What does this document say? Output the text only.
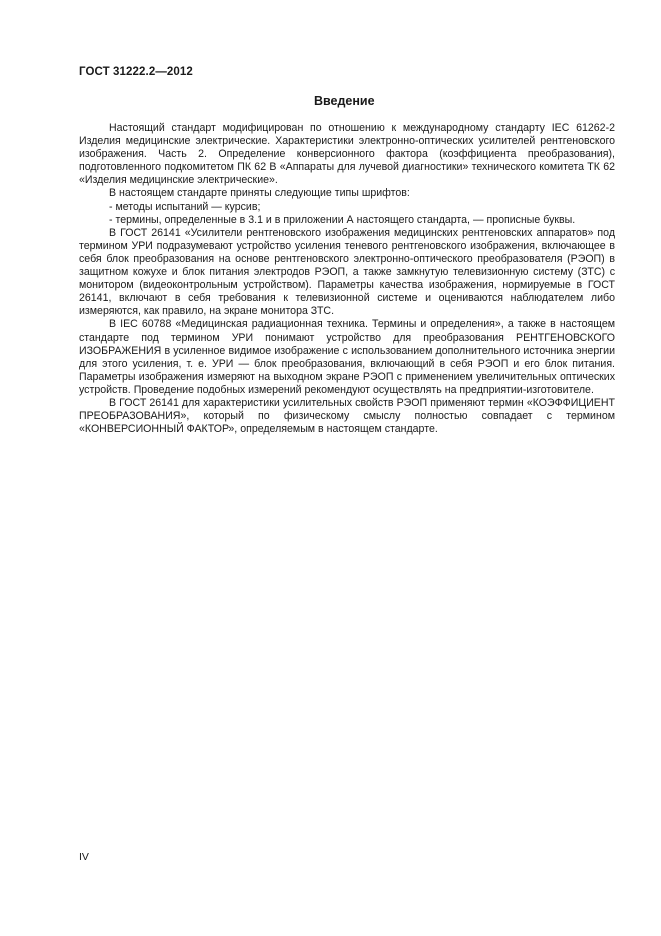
ГОСТ 31222.2—2012
Введение

Настоящий стандарт модифицирован по отношению к международному стандарту IEC 61262-2 Изделия медицинские электрические. Характеристики электронно-оптических усилителей рентгеновского изображения. Часть 2. Определение конверсионного фактора (коэффициента преобразования), подготовленного подкомитетом ПК 62 В «Аппараты для лучевой диагностики» технического комитета ТК 62 «Изделия медицинские электрические».

В настоящем стандарте приняты следующие типы шрифтов:

- методы испытаний — курсив;

- термины, определенные в 3.1 и в приложении А настоящего стандарта, — прописные буквы.

В ГОСТ 26141 «Усилители рентгеновского изображения медицинских рентгеновских аппаратов» под термином УРИ подразумевают устройство усиления теневого рентгеновского изображения, включающее в себя блок преобразования на основе рентгеновского электронно-оптического преобразователя (РЭОП) в защитном кожухе и блок питания электродов РЭОП, а также замкнутую телевизионную систему (ЗТС) с монитором (видеоконтрольным устройством). Параметры качества изображения, нормируемые в ГОСТ 26141, включают в себя требования к телевизионной системе и оцениваются наблюдателем либо измеряются, как правило, на экране монитора ЗТС.

В IEC 60788 «Медицинская радиационная техника. Термины и определения», а также в настоящем стандарте под термином УРИ понимают устройство для преобразования РЕНТГЕНОВСКОГО ИЗОБРАЖЕНИЯ в усиленное видимое изображение с использованием дополнительного источника энергии для этого усиления, т. е. УРИ — блок преобразования, включающий в себя РЭОП и его блок питания. Параметры изображения измеряют на выходном экране РЭОП с применением увеличительных оптических устройств. Проведение подобных измерений рекомендуют осуществлять на предприятии-изготовителе.

В ГОСТ 26141 для характеристики усилительных свойств РЭОП применяют термин «КОЭФФИЦИЕНТ ПРЕОБРАЗОВАНИЯ», который по физическому смыслу полностью совпадает с термином «КОНВЕРСИОННЫЙ ФАКТОР», определяемым в настоящем стандарте.

IV
